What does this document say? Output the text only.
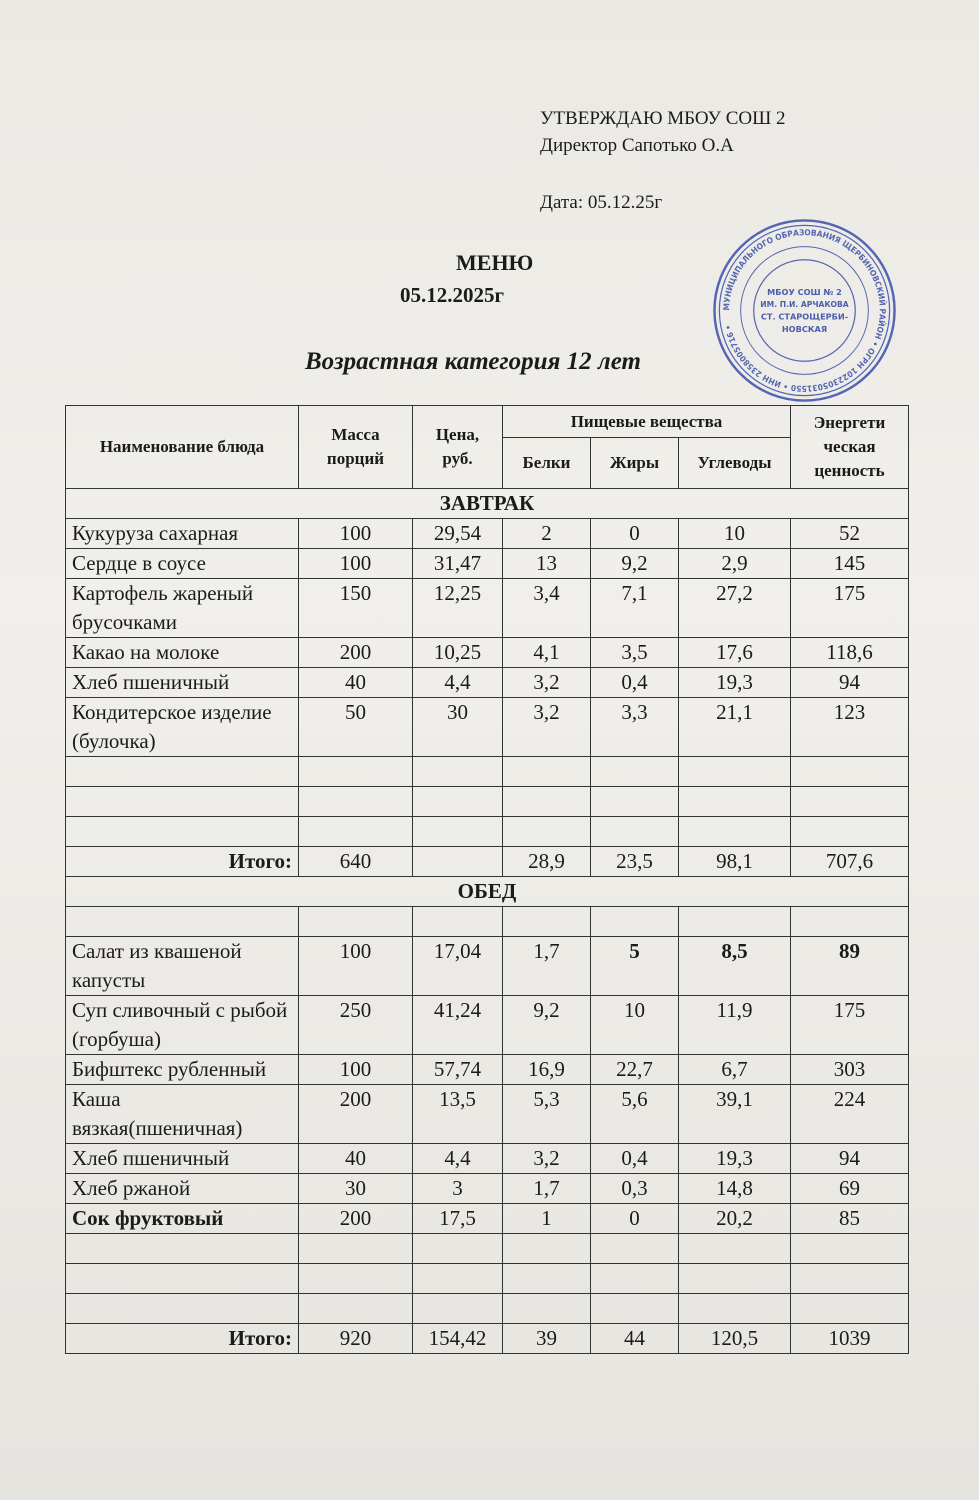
УТВЕРЖДАЮ МБОУ СОШ 2
Директор Сапотько О.А
Дата: 05.12.25г
МУНИЦИПАЛЬНОГО ОБРАЗОВАНИЯ ЩЕРБИНОВСКИЙ РАЙОН • ОГРН 1022305031550 • ИНН 2358005716 •
МБОУ СОШ № 2
ИМ. П.И. АРЧАКОВА
СТ. СТАРОЩЕРБИ-
НОВСКАЯ
МЕНЮ
05.12.2025г
Возрастная категория 12 лет
Наименование блюда	Масса порций	Цена, руб.	Пищевые вещества			Энергети ческая ценность
			Белки	Жиры	Углеводы	
ЗАВТРАК						
Кукуруза сахарная	100	29,54	2	0	10	52
Сердце в соусе	100	31,47	13	9,2	2,9	145
Картофель жареный брусочками	150	12,25	3,4	7,1	27,2	175
Какао на молоке	200	10,25	4,1	3,5	17,6	118,6
Хлеб пшеничный	40	4,4	3,2	0,4	19,3	94
Кондитерское изделие (булочка)	50	30	3,2	3,3	21,1	123

Итого:	640		28,9	23,5	98,1	707,6
ОБЕД						

Салат из квашеной капусты	100	17,04	1,7	5	8,5	89
Суп сливочный с рыбой (горбуша)	250	41,24	9,2	10	11,9	175
Бифштекс рубленный	100	57,74	16,9	22,7	6,7	303
Каша вязкая(пшеничная)	200	13,5	5,3	5,6	39,1	224
Хлеб пшеничный	40	4,4	3,2	0,4	19,3	94
Хлеб ржаной	30	3	1,7	0,3	14,8	69
Сок фруктовый	200	17,5	1	0	20,2	85

Итого:	920	154,42	39	44	120,5	1039
